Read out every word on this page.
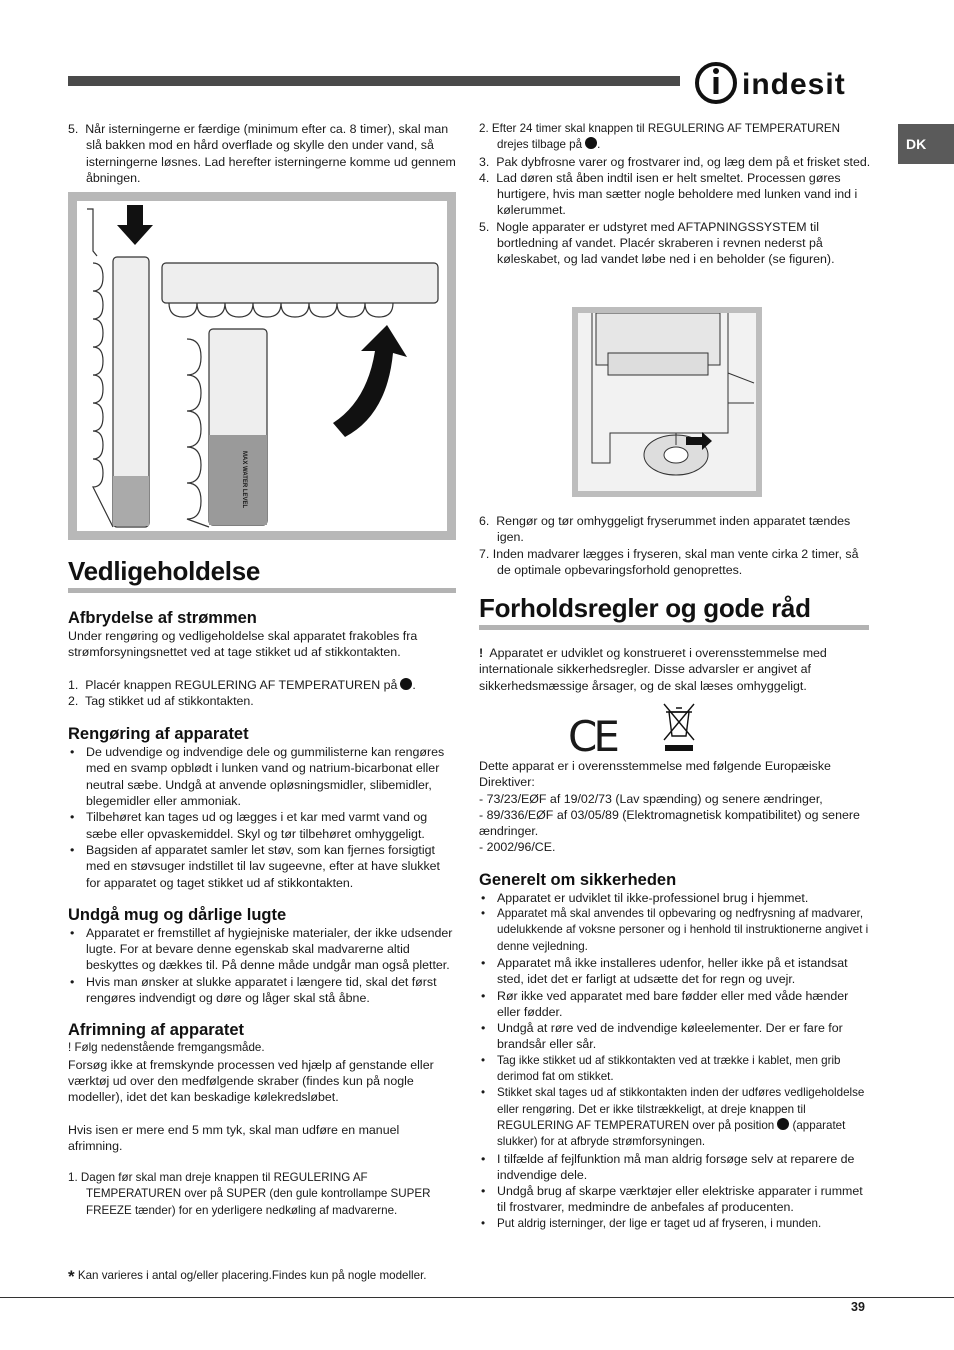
indesit
DK

5. Når isterningerne er færdige (minimum efter ca. 8 timer), skal man slå bakken mod en hård overflade og skylle den under vand, så isterningerne løsnes. Lad herefter isterningerne komme ud gennem åbningen.

MAX WATER LEVEL
Vedligeholdelse
Afbrydelse af strømmen

Under rengøring og vedligeholdelse skal apparatet frakobles fra strømforsyningsnettet ved at tage stikket ud af stikkontakten.

1. Placér knappen REGULERING AF TEMPERATUREN på .

2. Tag stikket ud af stikkontakten.

Rengøring af apparatet

• De udvendige og indvendige dele og gummilisterne kan rengøres med en svamp opblødt i lunken vand og natrium-bicarbonat eller neutral sæbe. Undgå at anvende opløsningsmidler, slibemidler, blegemidler eller ammoniak.

• Tilbehøret kan tages ud og lægges i et kar med varmt vand og sæbe eller opvaskemiddel. Skyl og tør tilbehøret omhyggeligt.

• Bagsiden af apparatet samler let støv, som kan fjernes forsigtigt med en støvsuger indstillet til lav sugeevne, efter at have slukket for apparatet og taget stikket ud af stikkontakten.

Undgå mug og dårlige lugte

• Apparatet er fremstillet af hygiejniske materialer, der ikke udsender lugte. For at bevare denne egenskab skal madvarerne altid beskyttes og dækkes til. På denne måde undgår man også pletter.

• Hvis man ønsker at slukke apparatet i længere tid, skal det først rengøres indvendigt og døre og låger skal stå åbne.

Afrimning af apparatet

! Følg nedenstående fremgangsmåde.

Forsøg ikke at fremskynde processen ved hjælp af genstande eller værktøj ud over den medfølgende skraber (findes kun på nogle modeller), idet det kan beskadige kølekredsløbet.

Hvis isen er mere end 5 mm tyk, skal man udføre en manuel afrimning.

1. Dagen før skal man dreje knappen til REGULERING AF TEMPERATUREN over på SUPER (den gule kontrollampe SUPER FREEZE tænder) for en yderligere nedkøling af madvarerne.

* Kan varieres i antal og/eller placering.Findes kun på nogle modeller.

2. Efter 24 timer skal knappen til REGULERING AF TEMPERATUREN drejes tilbage på .

3. Pak dybfrosne varer og frostvarer ind, og læg dem på et frisket sted.

4. Lad døren stå åben indtil isen er helt smeltet. Processen gøres hurtigere, hvis man sætter nogle beholdere med lunken vand ind i kølerummet.

5. Nogle apparater er udstyret med AFTAPNINGSSYSTEM til bortledning af vandet. Placér skraberen i revnen nederst på køleskabet, og lad vandet løbe ned i en beholder (se figuren).

6. Rengør og tør omhyggeligt fryserummet inden apparatet tændes igen.

7. Inden madvarer lægges i fryseren, skal man vente cirka 2 timer, så de optimale opbevaringsforhold genoprettes.

Forholdsregler og gode råd

! Apparatet er udviklet og konstrueret i overensstemmelse med internationale sikkerhedsregler. Disse advarsler er angivet af sikkerhedsmæssige årsager, og de skal læses omhyggeligt.

CE

Dette apparat er i overensstemmelse med følgende Europæiske Direktiver:

- 73/23/EØF af 19/02/73 (Lav spænding) og senere ændringer,

- 89/336/EØF af 03/05/89 (Elektromagnetisk kompatibilitet) og senere ændringer.

- 2002/96/CE.

Generelt om sikkerheden

• Apparatet er udviklet til ikke-professionel brug i hjemmet.

• Apparatet må skal anvendes til opbevaring og nedfrysning af madvarer, udelukkende af voksne personer og i henhold til instruktionerne angivet i denne vejledning.

• Apparatet må ikke installeres udenfor, heller ikke på et istandsat sted, idet det er farligt at udsætte det for regn og uvejr.

• Rør ikke ved apparatet med bare fødder eller med våde hænder eller fødder.

• Undgå at røre ved de indvendige køleelementer. Der er fare for brandsår eller sår.

• Tag ikke stikket ud af stikkontakten ved at trække i kablet, men grib derimod fat om stikket.

• Stikket skal tages ud af stikkontakten inden der udføres vedligeholdelse eller rengøring. Det er ikke tilstrækkeligt, at dreje knappen til REGULERING AF TEMPERATUREN over på position (apparatet slukker) for at afbryde strømforsyningen.

• I tilfælde af fejlfunktion må man aldrig forsøge selv at reparere de indvendige dele.

• Undgå brug af skarpe værktøjer eller elektriske apparater i rummet til frostvarer, medmindre de anbefales af producenten.

• Put aldrig isterninger, der lige er taget ud af fryseren, i munden.

39
